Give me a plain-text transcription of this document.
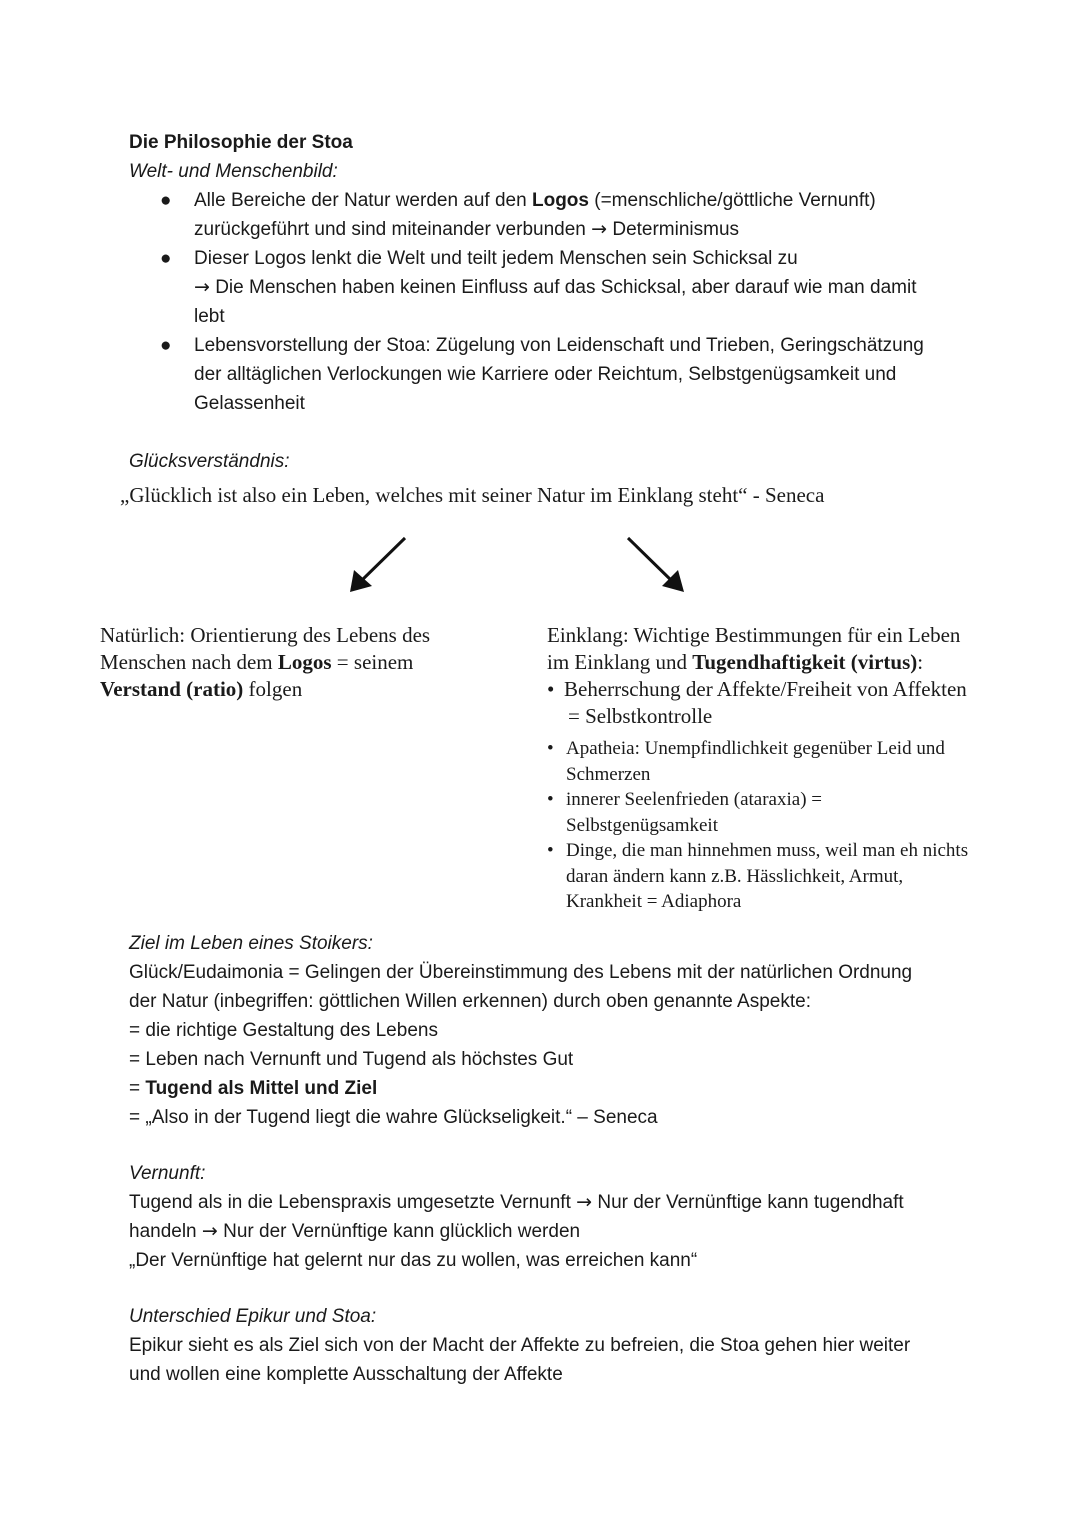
Die Philosophie der Stoa
Welt- und Menschenbild:
● Alle Bereiche der Natur werden auf den Logos (=menschliche/göttliche Vernunft)
zurückgeführt und sind miteinander verbunden → Determinismus
● Dieser Logos lenkt die Welt und teilt jedem Menschen sein Schicksal zu
→ Die Menschen haben keinen Einfluss auf das Schicksal, aber darauf wie man damit
lebt
● Lebensvorstellung der Stoa: Zügelung von Leidenschaft und Trieben, Geringschätzung
der alltäglichen Verlockungen wie Karriere oder Reichtum, Selbstgenügsamkeit und
Gelassenheit
Glücksverständnis:
„Glücklich ist also ein Leben, welches mit seiner Natur im Einklang steht“ - Seneca
Natürlich: Orientierung des Lebens des
Menschen nach dem Logos = seinem
Verstand (ratio) folgen
Einklang: Wichtige Bestimmungen für ein Leben
im Einklang und Tugendhaftigkeit (virtus):
• Beherrschung der Affekte/Freiheit von Affekten
= Selbstkontrolle
• Apatheia: Unempfindlichkeit gegenüber Leid und
Schmerzen
• innerer Seelenfrieden (ataraxia) =
Selbstgenügsamkeit
• Dinge, die man hinnehmen muss, weil man eh nichts
daran ändern kann z.B. Hässlichkeit, Armut,
Krankheit = Adiaphora
Ziel im Leben eines Stoikers:
Glück/Eudaimonia = Gelingen der Übereinstimmung des Lebens mit der natürlichen Ordnung
der Natur (inbegriffen: göttlichen Willen erkennen) durch oben genannte Aspekte:
= die richtige Gestaltung des Lebens
= Leben nach Vernunft und Tugend als höchstes Gut
= Tugend als Mittel und Ziel
= „Also in der Tugend liegt die wahre Glückseligkeit.“ – Seneca
Vernunft:
Tugend als in die Lebenspraxis umgesetzte Vernunft → Nur der Vernünftige kann tugendhaft
handeln → Nur der Vernünftige kann glücklich werden
„Der Vernünftige hat gelernt nur das zu wollen, was erreichen kann“
Unterschied Epikur und Stoa:
Epikur sieht es als Ziel sich von der Macht der Affekte zu befreien, die Stoa gehen hier weiter
und wollen eine komplette Ausschaltung der Affekte
